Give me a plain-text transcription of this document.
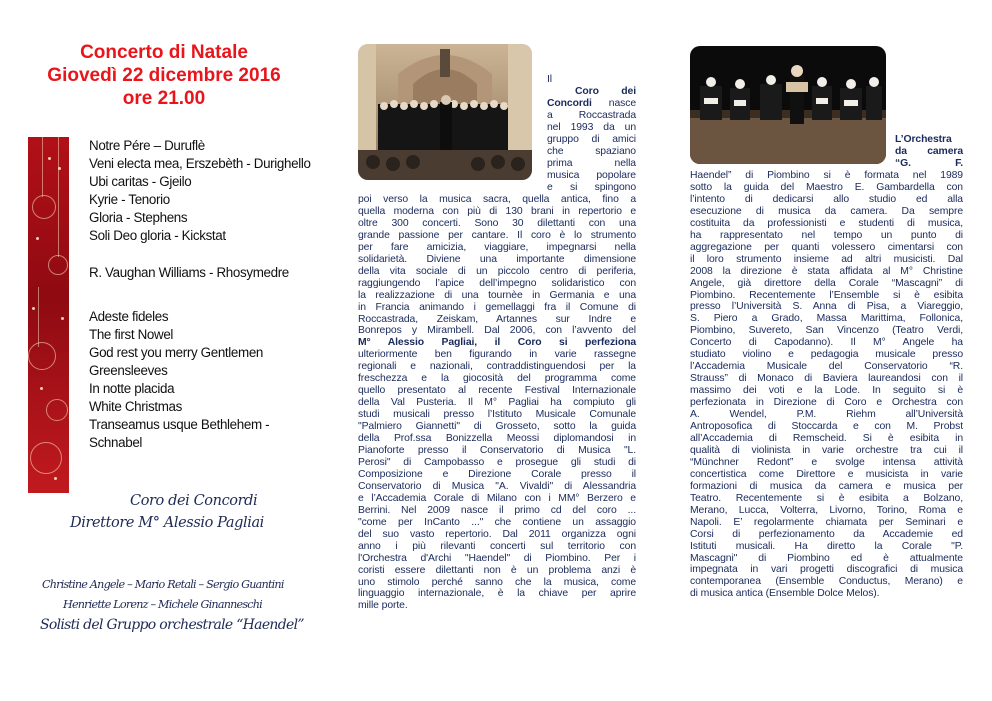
Concerto di Natale
Giovedì 22 dicembre 2016
ore 21.00
Notre Pére – Duruflè
Veni electa mea, Erszebèth - Durighello
Ubi caritas - Gjeilo
Kyrie - Tenorio
Gloria - Stephens
Soli Deo gloria - Kickstat
R. Vaughan Williams - Rhosymedre
Adeste fideles
The first Nowel
God rest you merry Gentlemen
Greensleeves
In notte placida
White Christmas
Transeamus usque Bethlehem -
Schnabel
Coro dei Concordi
Direttore M° Alessio Pagliai
Christine Angele – Mario Retali – Sergio Guantini
Henriette Lorenz – Michele Ginanneschi
Solisti del Gruppo orchestrale “Haendel”
Il
Coro dei
Concordi nasce
a Roccastrada
nel 1993 da un
gruppo di amici
che spaziano
prima nella
musica popolare
e si spingono
poi verso la musica sacra, quella antica, fino a
quella moderna con più di 130 brani in repertorio e
oltre 300 concerti. Sono 30 dilettanti con una
grande passione per cantare. Il coro è lo strumento
per fare amicizia, viaggiare, impegnarsi nella
solidarietà. Diviene una importante dimensione
della vita sociale di un piccolo centro di periferia,
raggiungendo l’apice dell’impegno solidaristico con
la realizzazione di una tournèe in Germania e una
in Francia animando i gemellaggi fra il Comune di
Roccastrada, Zeiskam, Artannes sur Indre e
Bonrepos y Mirambell. Dal 2006, con l’avvento del
M° Alessio Pagliai, il Coro si perfeziona
ulteriormente ben figurando in varie rassegne
regionali e nazionali, contraddistinguendosi per la
freschezza e la giocosità del programma come
quello presentato al recente Festival Internazionale
della Val Pusteria. Il M° Pagliai ha compiuto gli
studi musicali presso l’Istituto Musicale Comunale
"Palmiero Giannetti" di Grosseto, sotto la guida
della Prof.ssa Bonizzella Meossi diplomandosi in
Pianoforte presso il Conservatorio di Musica "L.
Perosi" di Campobasso e prosegue gli studi di
Composizione e Direzione Corale presso il
Conservatorio di Musica "A. Vivaldi" di Alessandria
e l’Accademia Corale di Milano con i MM° Berzero e
Berrini. Nel 2009 nasce il primo cd del coro ...
"come per InCanto ..." che contiene un assaggio
del suo vasto repertorio. Dal 2011 organizza ogni
anno i più rilevanti concerti sul territorio con
l'Orchestra d'Archi "Haendel" di Piombino. Per i
coristi essere dilettanti non è un problema anzi è
uno stimolo perché sanno che la musica, come
linguaggio internazionale, è la chiave per aprire
mille porte.
L’Orchestra
da camera
“G. F.
Haendel” di Piombino si è formata nel 1989
sotto la guida del Maestro E. Gambardella con
l’intento di dedicarsi allo studio ed alla
esecuzione di musica da camera. Da sempre
costituita da professionisti e studenti di musica,
ha rappresentato nel tempo un punto di
aggregazione per quanti volessero cimentarsi con
il loro strumento insieme ad altri musicisti. Dal
2008 la direzione è stata affidata al M° Christine
Angele, già direttore della Corale “Mascagni” di
Piombino. Recentemente l’Ensemble si è esibita
presso l’Università S. Anna di Pisa, a Viareggio,
S. Piero a Grado, Massa Marittima, Follonica,
Piombino, Suvereto, San Vincenzo (Teatro Verdi,
Concerto di Capodanno). Il M° Angele ha
studiato violino e pedagogia musicale presso
l’Accademia Musicale del Conservatorio “R.
Strauss” di Monaco di Baviera laureandosi con il
massimo dei voti e la Lode. In seguito si è
perfezionata in Direzione di Coro e Orchestra con
A. Wendel, P.M. Riehm all’Università
Antroposofica di Stoccarda e con M. Probst
all’Accademia di Remscheid. Si è esibita in
qualità di violinista in varie orchestre tra cui il
“Münchner Redont” e svolge intensa attività
concertistica come Direttore e musicista in varie
formazioni di musica da camera e musica per
Teatro. Recentemente si è esibita a Bolzano,
Merano, Lucca, Volterra, Livorno, Torino, Roma e
Napoli. E’ regolarmente chiamata per Seminari e
Corsi di perfezionamento da Accademie ed
Istituti musicali. Ha diretto la Corale "P.
Mascagni" di Piombino ed è attualmente
impegnata in vari progetti discografici di musica
contemporanea (Ensemble Conductus, Merano) e
di musica antica (Ensemble Dolce Melos).
